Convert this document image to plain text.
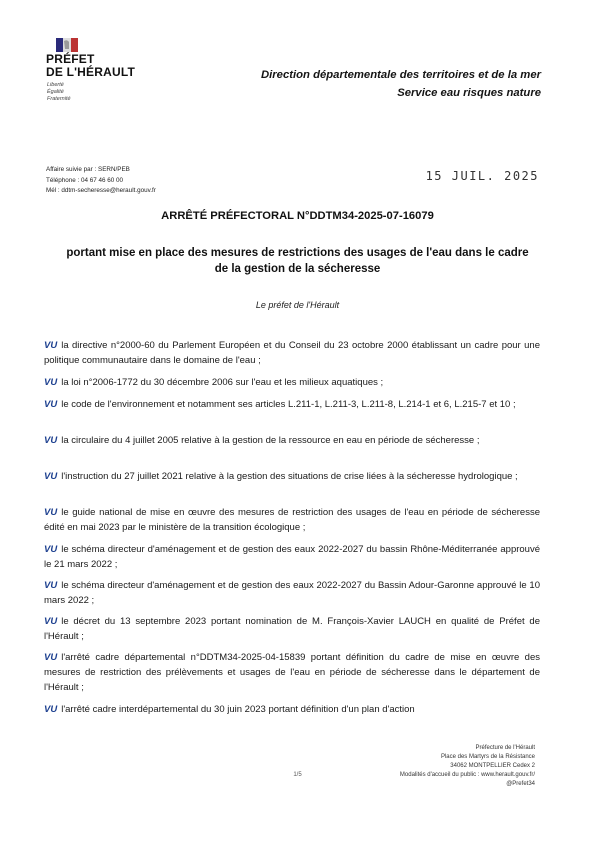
PRÉFET
DE L'HÉRAULT
Liberté
Égalité
Fraternité
Direction départementale des territoires et de la mer
Service eau risques nature
Affaire suivie par : SERN/PEB
Téléphone : 04 67 46 60 00
Mél : ddtm-secheresse@herault.gouv.fr
15 JUIL. 2025
ARRÊTÉ PRÉFECTORAL N°DDTM34-2025-07-16079
portant mise en place des mesures de restrictions des usages de l'eau dans le cadre de la gestion de la sécheresse
Le préfet de l'Hérault
VU la directive n°2000-60 du Parlement Européen et du Conseil du 23 octobre 2000 établissant un cadre pour une politique communautaire dans le domaine de l'eau ;
VU la loi n°2006-1772 du 30 décembre 2006 sur l'eau et les milieux aquatiques ;
VU le code de l'environnement et notamment ses articles L.211-1, L.211-3, L.211-8, L.214-1 et 6, L.215-7 et 10 ;
VU la circulaire du 4 juillet 2005 relative à la gestion de la ressource en eau en période de sécheresse ;
VU l'instruction du 27 juillet 2021 relative à la gestion des situations de crise liées à la sécheresse hydrologique ;
VU le guide national de mise en œuvre des mesures de restriction des usages de l'eau en période de sécheresse édité en mai 2023 par le ministère de la transition écologique ;
VU le schéma directeur d'aménagement et de gestion des eaux 2022-2027 du bassin Rhône-Méditerranée approuvé le 21 mars 2022 ;
VU le schéma directeur d'aménagement et de gestion des eaux 2022-2027 du Bassin Adour-Garonne approuvé le 10 mars 2022 ;
VU le décret du 13 septembre 2023 portant nomination de M. François-Xavier LAUCH en qualité de Préfet de l'Hérault ;
VU l'arrêté cadre départemental n°DDTM34-2025-04-15839 portant définition du cadre de mise en œuvre des mesures de restriction des prélèvements et usages de l'eau en période de sécheresse dans le département de l'Hérault ;
VU l'arrêté cadre interdépartemental du 30 juin 2023 portant définition d'un plan d'action
Préfecture de l'Hérault
Place des Martyrs de la Résistance
34062 MONTPELLIER Cedex 2
Modalités d'accueil du public : www.herault.gouv.fr/
@Prefet34
1/5
